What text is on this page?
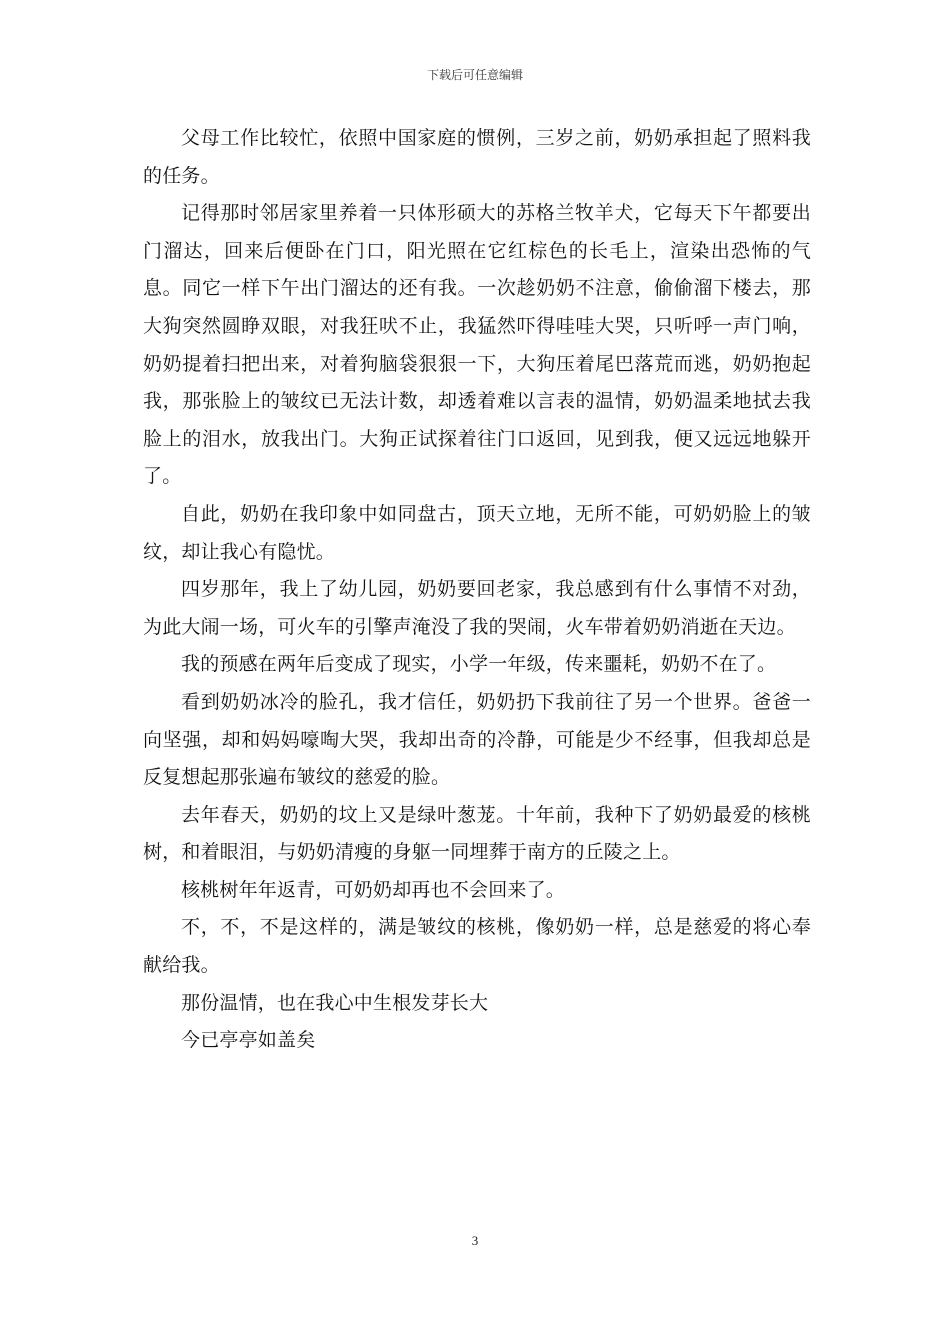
下载后可任意编辑

父母工作比较忙，依照中国家庭的惯例，三岁之前，奶奶承担起了照料我的任务。

记得那时邻居家里养着一只体形硕大的苏格兰牧羊犬，它每天下午都要出门溜达，回来后便卧在门口，阳光照在它红棕色的长毛上，渲染出恐怖的气息。同它一样下午出门溜达的还有我。一次趁奶奶不注意，偷偷溜下楼去，那大狗突然圆睁双眼，对我狂吠不止，我猛然吓得哇哇大哭，只听呼一声门响，奶奶提着扫把出来，对着狗脑袋狠狠一下，大狗压着尾巴落荒而逃，奶奶抱起我，那张脸上的皱纹已无法计数，却透着难以言表的温情，奶奶温柔地拭去我脸上的泪水，放我出门。大狗正试探着往门口返回，见到我，便又远远地躲开了。

自此，奶奶在我印象中如同盘古，顶天立地，无所不能，可奶奶脸上的皱纹，却让我心有隐忧。

四岁那年，我上了幼儿园，奶奶要回老家，我总感到有什么事情不对劲，为此大闹一场，可火车的引擎声淹没了我的哭闹，火车带着奶奶消逝在天边。

我的预感在两年后变成了现实，小学一年级，传来噩耗，奶奶不在了。

看到奶奶冰冷的脸孔，我才信任，奶奶扔下我前往了另一个世界。爸爸一向坚强，却和妈妈嚎啕大哭，我却出奇的冷静，可能是少不经事，但我却总是反复想起那张遍布皱纹的慈爱的脸。

去年春天，奶奶的坟上又是绿叶葱茏。十年前，我种下了奶奶最爱的核桃树，和着眼泪，与奶奶清瘦的身躯一同埋葬于南方的丘陵之上。

核桃树年年返青，可奶奶却再也不会回来了。

不，不，不是这样的，满是皱纹的核桃，像奶奶一样，总是慈爱的将心奉献给我。

那份温情，也在我心中生根发芽长大

今已亭亭如盖矣

3
